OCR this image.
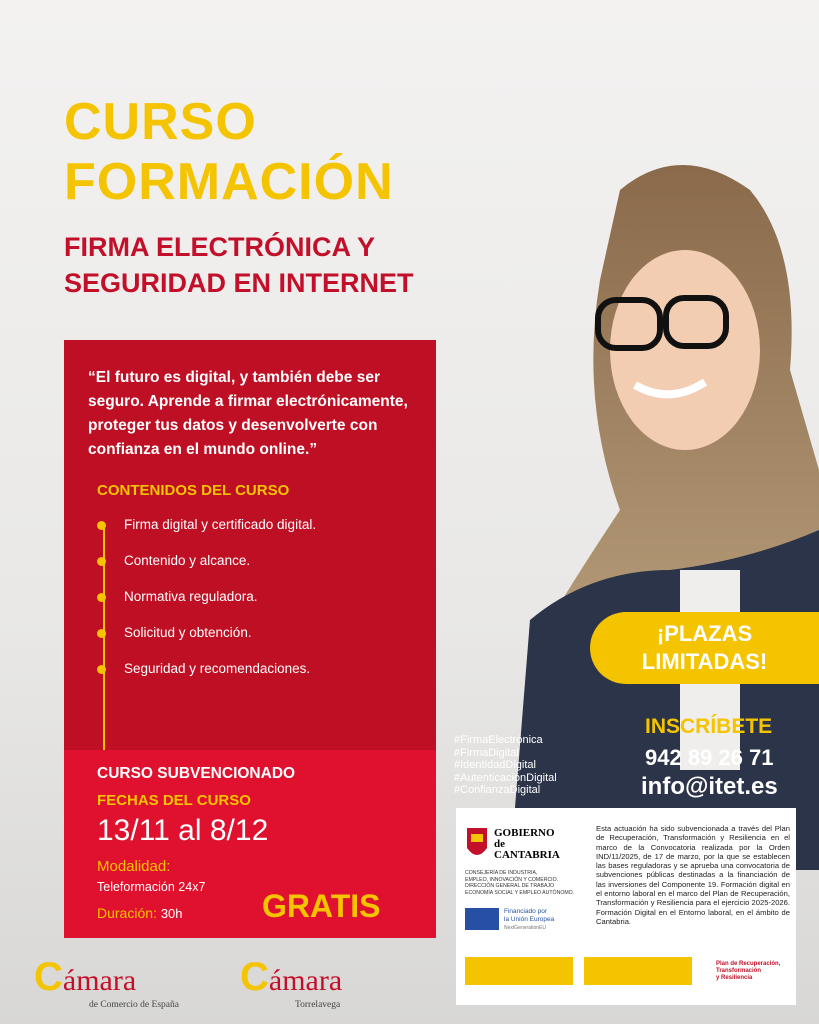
CURSO
FORMACIÓN
FIRMA ELECTRÓNICA Y
SEGURIDAD EN INTERNET
“El futuro es digital, y también debe ser seguro. Aprende a firmar electrónicamente, proteger tus datos y desenvolverte con confianza en el mundo online.”
CONTENIDOS DEL CURSO
Firma digital y certificado digital.
Contenido y alcance.
Normativa reguladora.
Solicitud y obtención.
Seguridad y recomendaciones.
CURSO SUBVENCIONADO
FECHAS DEL CURSO
13/11 al 8/12
Modalidad:
Teleformación 24x7
Duración: 30h GRATIS
¡PLAZAS
LIMITADAS!
INSCRÍBETE
942 89 26 71
info@itet.es
#FirmaElectrónica
#FirmaDigital
#IdentidadDigital
#AutenticaciónDigital
#ConfianzaDigital
GOBIERNO
de
CANTABRIA
CONSEJERÍA DE INDUSTRIA,
EMPLEO, INNOVACIÓN Y COMERCIO.
DIRECCIÓN GENERAL DE TRABAJO
ECONOMÍA SOCIAL Y EMPLEO AUTÓNOMO.
Financiado por
la Unión Europea
NextGenerationEU
Esta actuación ha sido subvencionada a través del Plan de Recuperación, Transformación y Resiliencia en el marco de la Convocatoria realizada por la Orden IND/11/2025, de 17 de marzo, por la que se establecen las bases reguladoras y se aprueba una convocatoria de subvenciones públicas destinadas a la financiación de las inversiones del Componente 19. Formación digital en el entorno laboral en el marco del Plan de Recuperación, Transformación y Resiliencia para el ejercicio 2025-2026. Formación Digital en el Entorno laboral, en el ámbito de Cantabria.
Plan de Recuperación,
Transformación
y Resiliencia
Cámara
de Comercio de España
Cámara
Torrelavega
